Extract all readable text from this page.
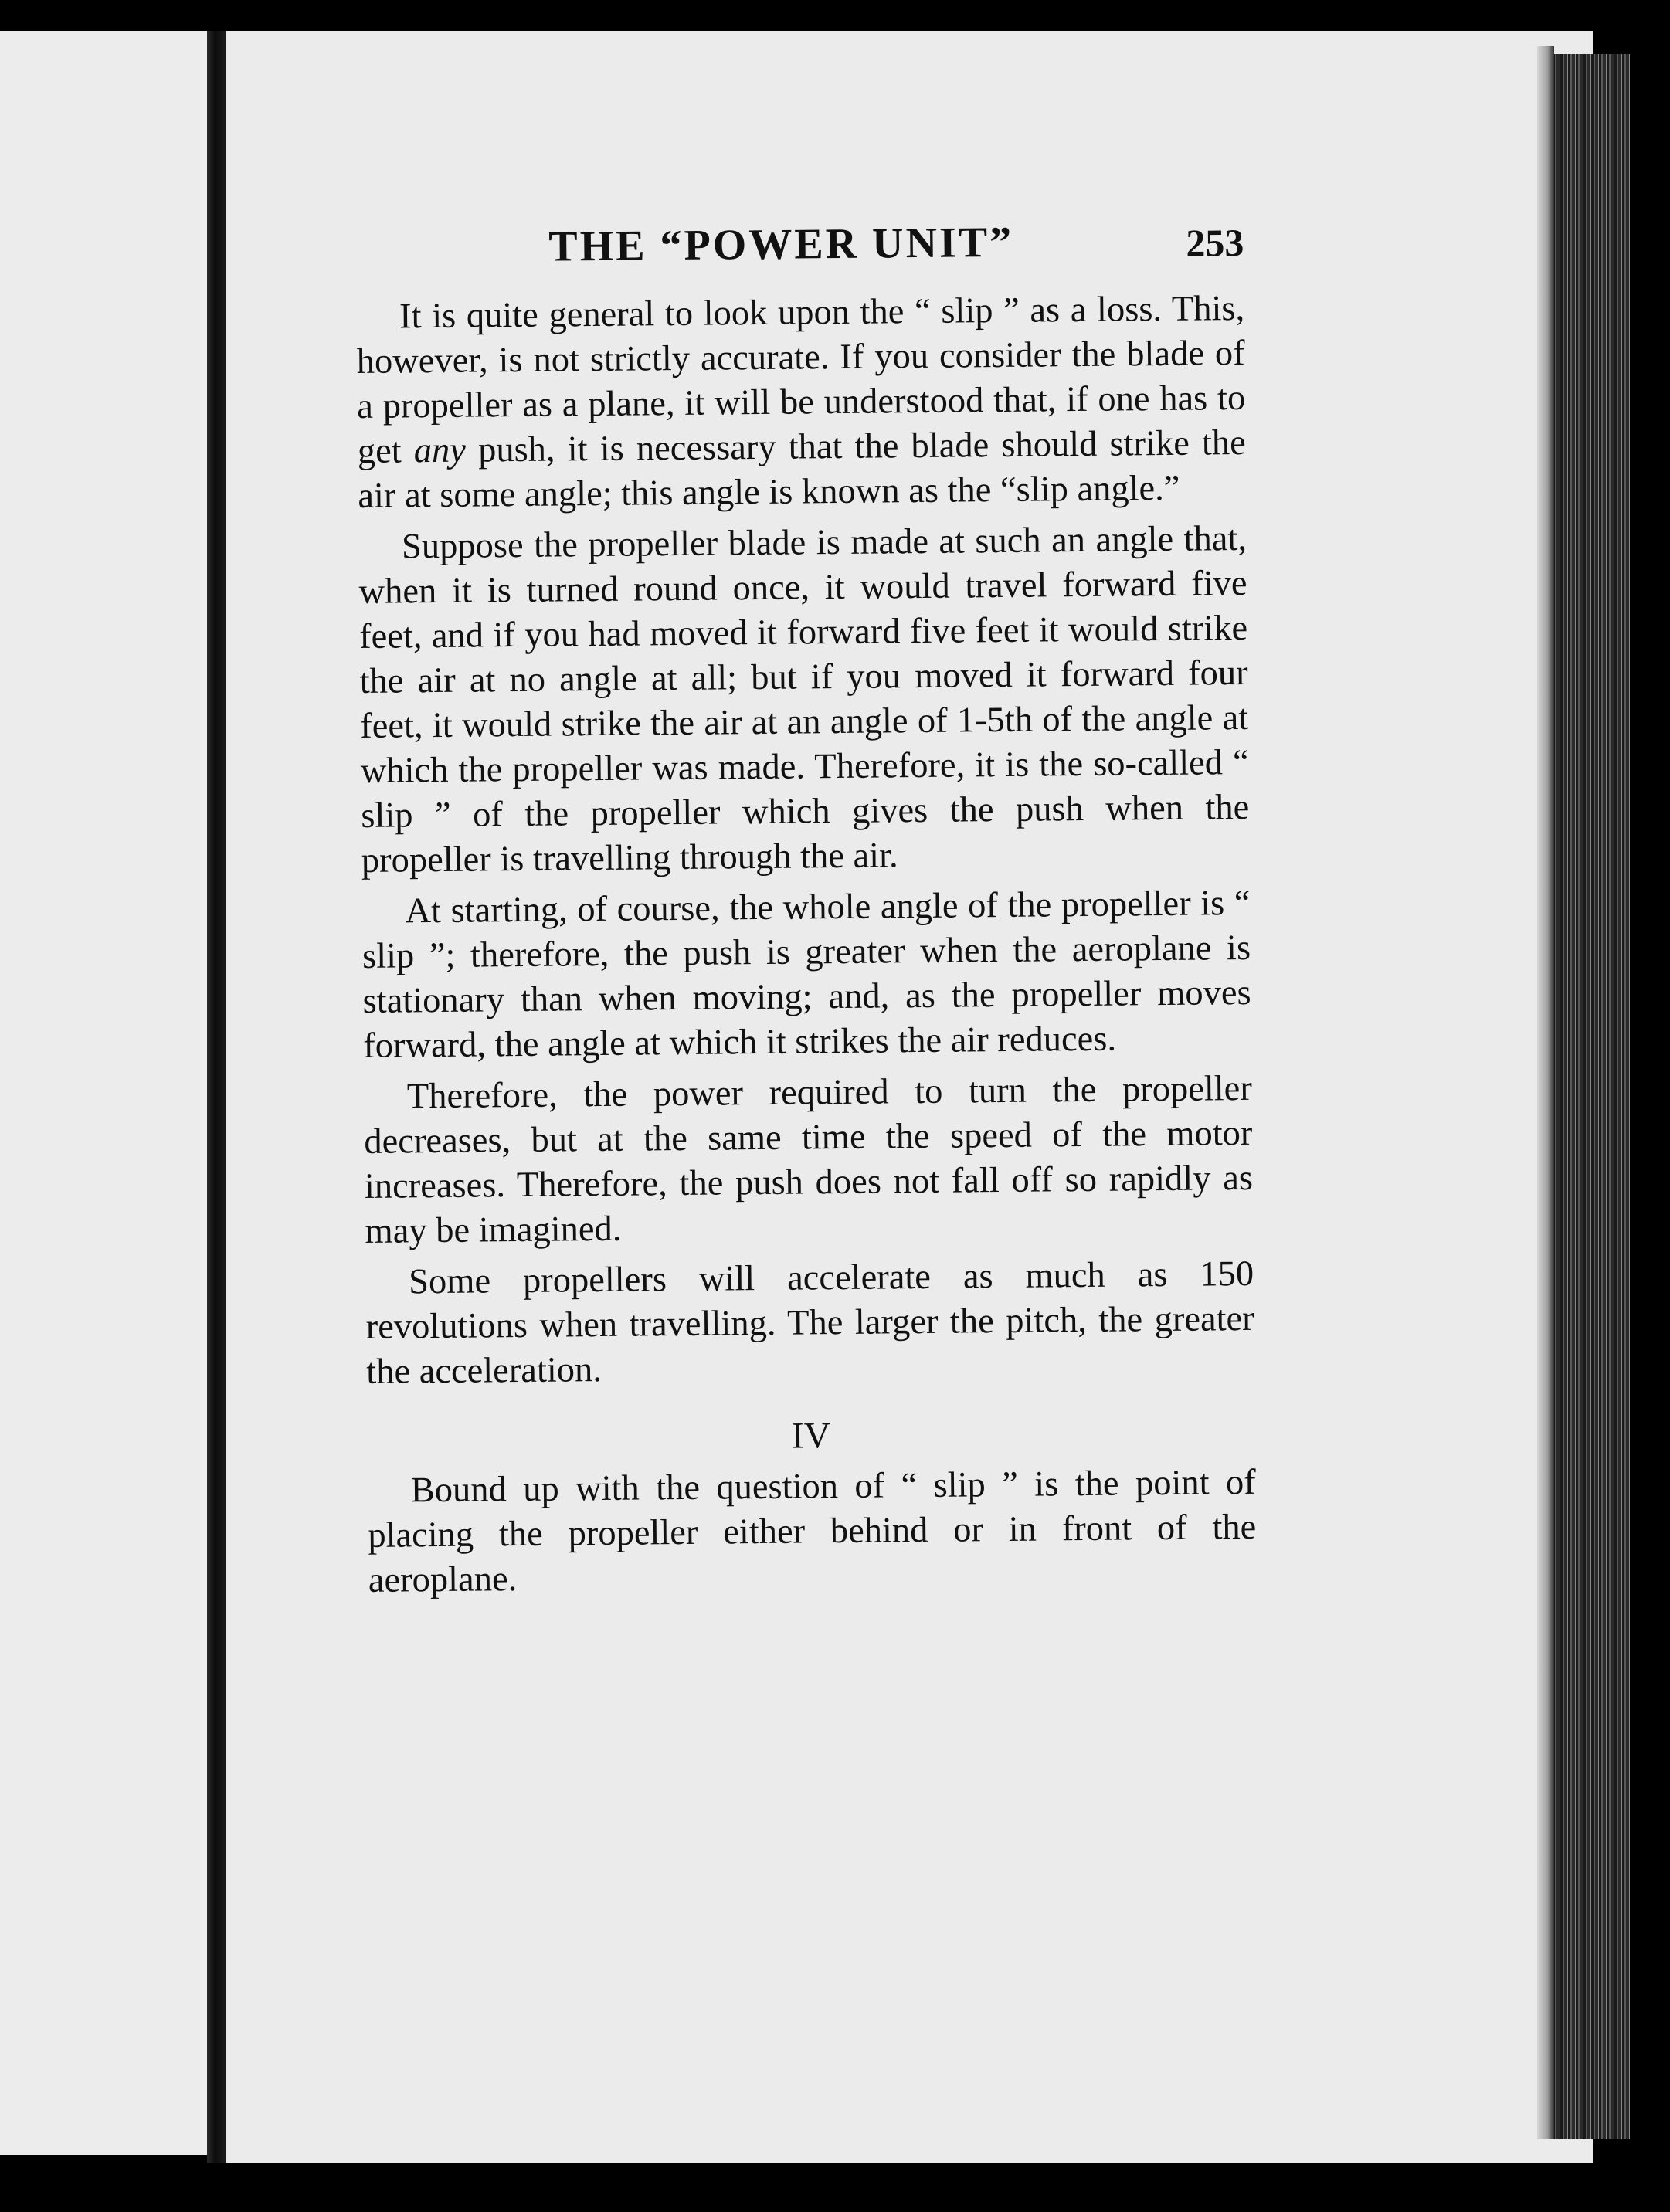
THE “POWER UNIT”	253

It is quite general to look upon the “ slip ” as a loss. This, however, is not strictly accurate. If you consider the blade of a propeller as a plane, it will be understood that, if one has to get any push, it is necessary that the blade should strike the air at some angle; this angle is known as the “slip angle.”

Suppose the propeller blade is made at such an angle that, when it is turned round once, it would travel forward five feet, and if you had moved it forward five feet it would strike the air at no angle at all; but if you moved it forward four feet, it would strike the air at an angle of 1-5th of the angle at which the propeller was made. Therefore, it is the so-called “ slip ” of the propeller which gives the push when the propeller is travelling through the air.

At starting, of course, the whole angle of the propeller is “ slip ”; therefore, the push is greater when the aeroplane is stationary than when moving; and, as the propeller moves forward, the angle at which it strikes the air reduces.

Therefore, the power required to turn the propeller decreases, but at the same time the speed of the motor increases. Therefore, the push does not fall off so rapidly as may be imagined.

Some propellers will accelerate as much as 150 revolutions when travelling. The larger the pitch, the greater the acceleration.

IV

Bound up with the question of “ slip ” is the point of placing the propeller either behind or in front of the aeroplane.
